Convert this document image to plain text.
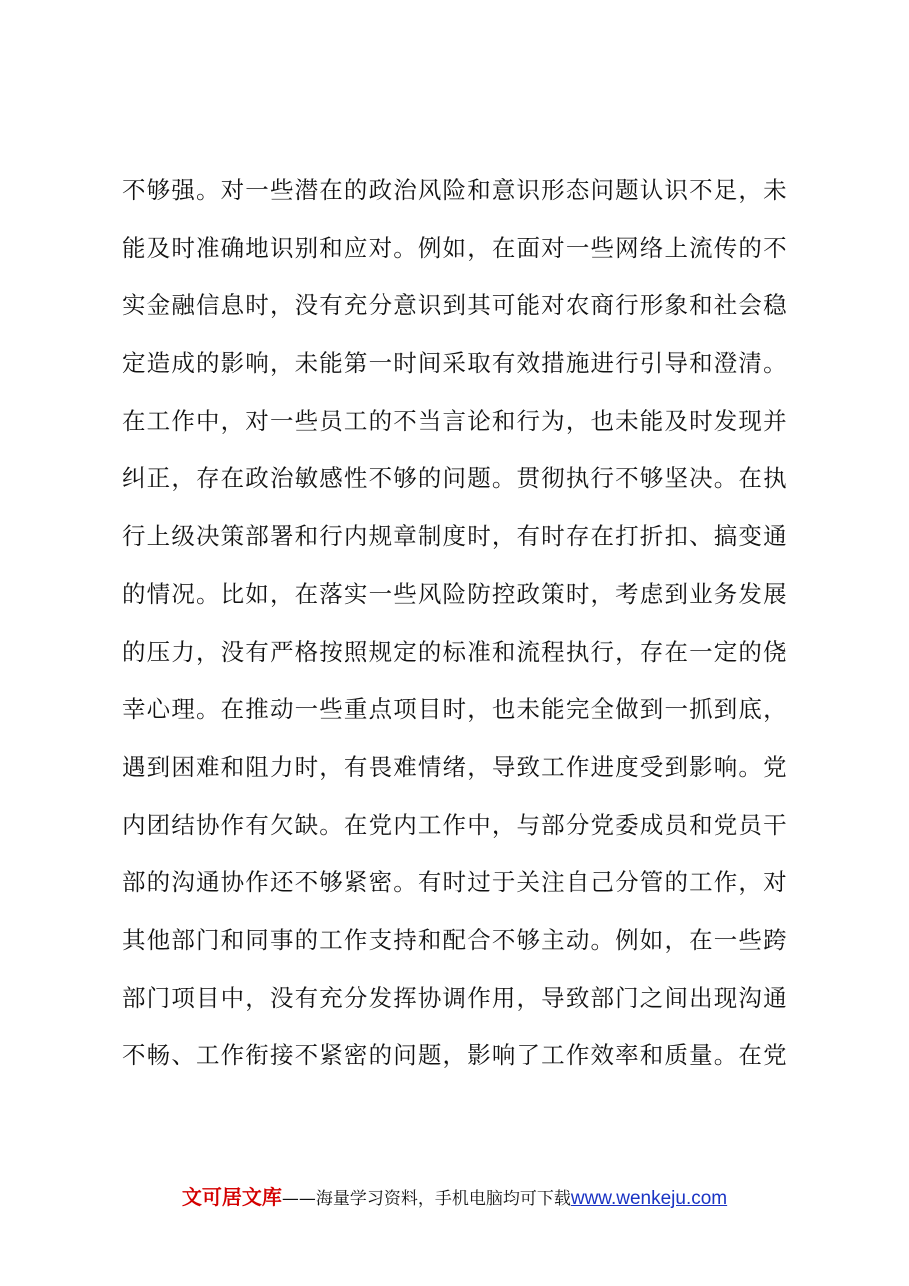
不够强。对一些潜在的政治风险和意识形态问题认识不足，未
能及时准确地识别和应对。例如，在面对一些网络上流传的不
实金融信息时，没有充分意识到其可能对农商行形象和社会稳
定造成的影响，未能第一时间采取有效措施进行引导和澄清。
在工作中，对一些员工的不当言论和行为，也未能及时发现并
纠正，存在政治敏感性不够的问题。贯彻执行不够坚决。在执
行上级决策部署和行内规章制度时，有时存在打折扣、搞变通
的情况。比如，在落实一些风险防控政策时，考虑到业务发展
的压力，没有严格按照规定的标准和流程执行，存在一定的侥
幸心理。在推动一些重点项目时，也未能完全做到一抓到底，
遇到困难和阻力时，有畏难情绪，导致工作进度受到影响。党
内团结协作有欠缺。在党内工作中，与部分党委成员和党员干
部的沟通协作还不够紧密。有时过于关注自己分管的工作，对
其他部门和同事的工作支持和配合不够主动。例如，在一些跨
部门项目中，没有充分发挥协调作用，导致部门之间出现沟通
不畅、工作衔接不紧密的问题，影响了工作效率和质量。在党
文可居文库——海量学习资料，手机电脑均可下载www.wenkeju.com
